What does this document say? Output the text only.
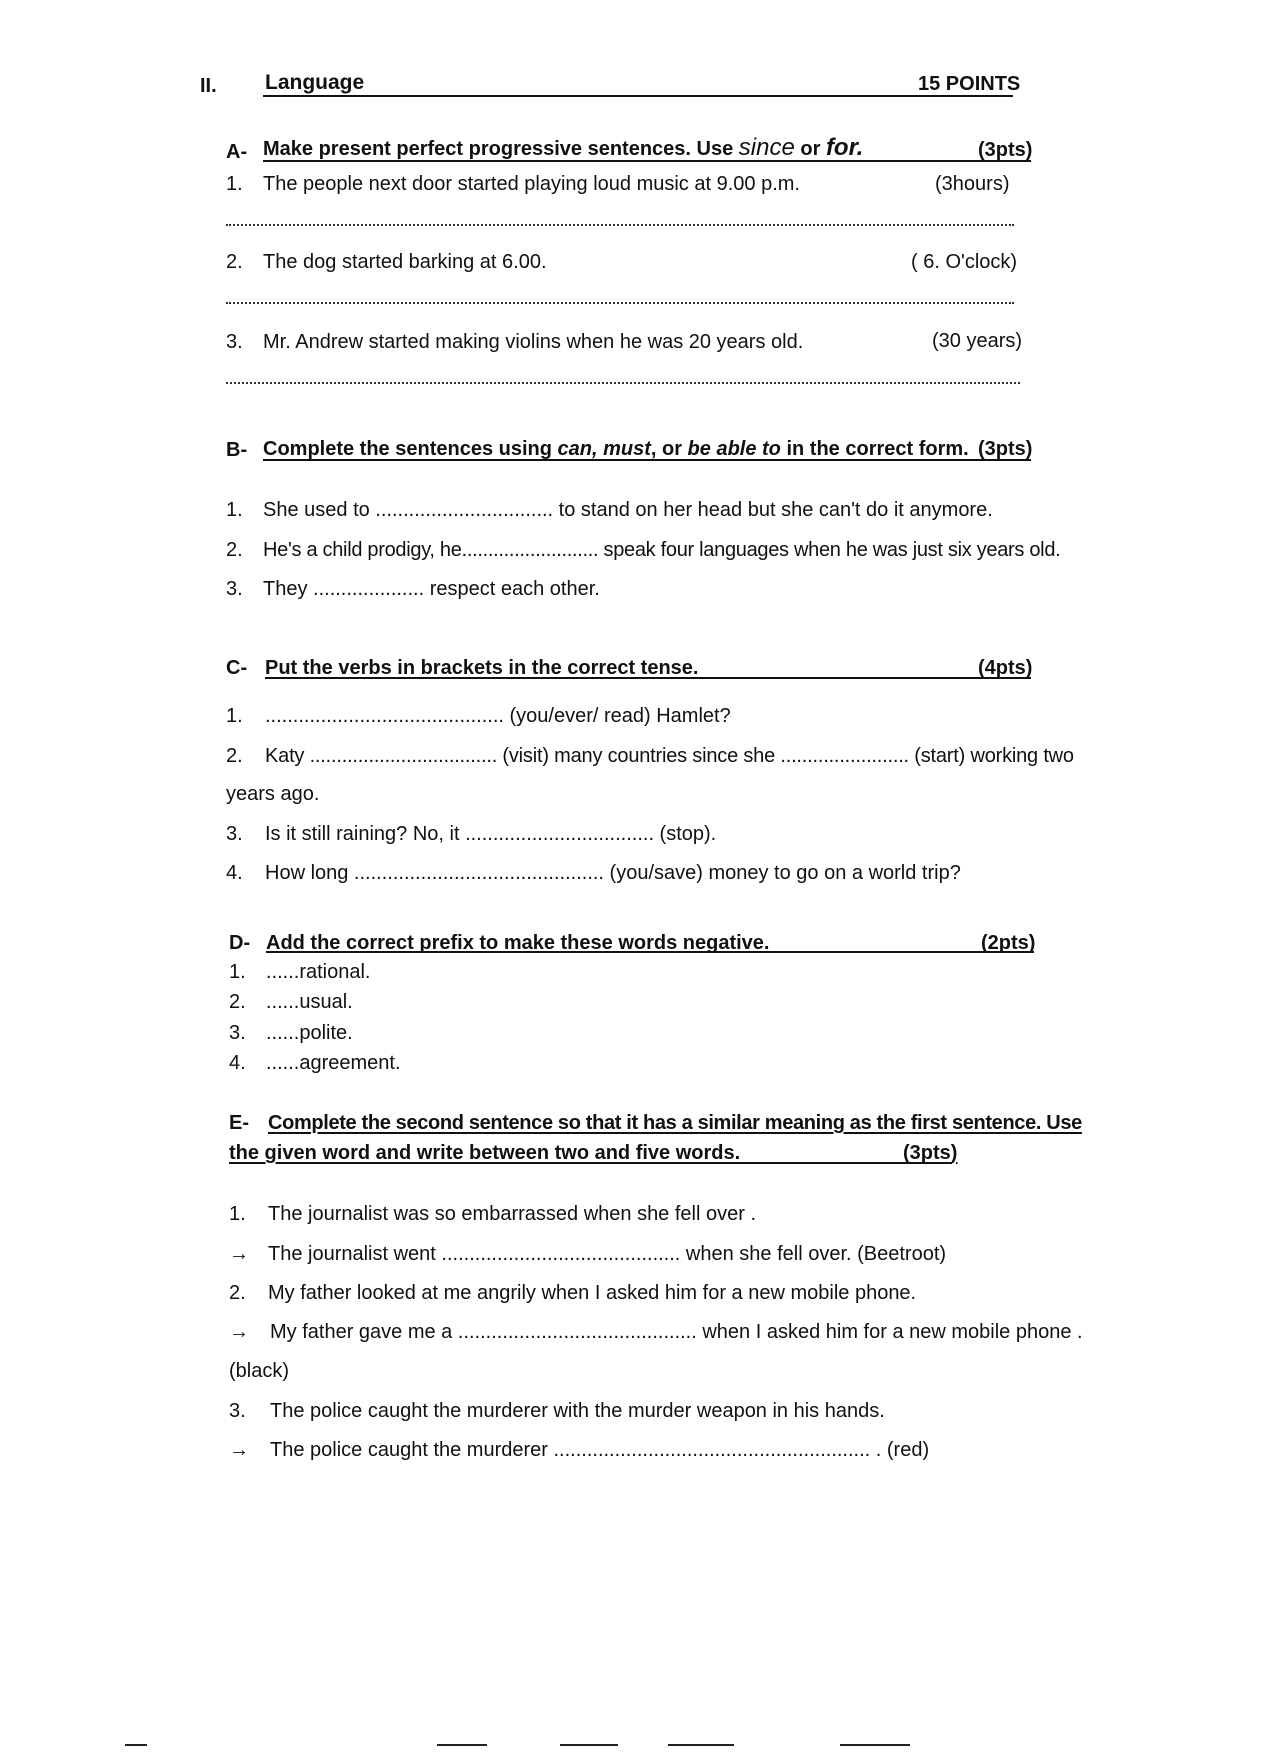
II. Language	15 POINTS
A- Make present perfect progressive sentences. Use since or for.	(3pts)
1. The people next door started playing loud music at 9.00 p.m.	(3hours)
2. The dog started barking at 6.00.	( 6. O'clock)
3. Mr. Andrew started making violins when he was 20 years old.	(30 years)
B- Complete the sentences using can, must, or be able to in the correct form. (3pts)
1. She used to ................................ to stand on her head but she can't do it anymore.
2. He's a child prodigy, he.......................... speak four languages when he was just six years old.
3. They .................... respect each other.
C- Put the verbs in brackets in the correct tense.	(4pts)
1. ........................................... (you/ever/ read) Hamlet?
2. Katy ................................... (visit) many countries since she ........................ (start) working two
years ago.
3. Is it still raining? No, it .................................. (stop).
4. How long ............................................. (you/save) money to go on a world trip?
D- Add the correct prefix to make these words negative.	(2pts)
1. ......rational.
2. ......usual.
3. ......polite.
4. ......agreement.
E- Complete the second sentence so that it has a similar meaning as the first sentence. Use
the given word and write between two and five words.	(3pts)
1. The journalist was so embarrassed when she fell over .
→ The journalist went ........................................... when she fell over. (Beetroot)
2. My father looked at me angrily when I asked him for a new mobile phone.
→ My father gave me a ........................................... when I asked him for a new mobile phone .
(black)
3. The police caught the murderer with the murder weapon in his hands.
→ The police caught the murderer ......................................................... . (red)
